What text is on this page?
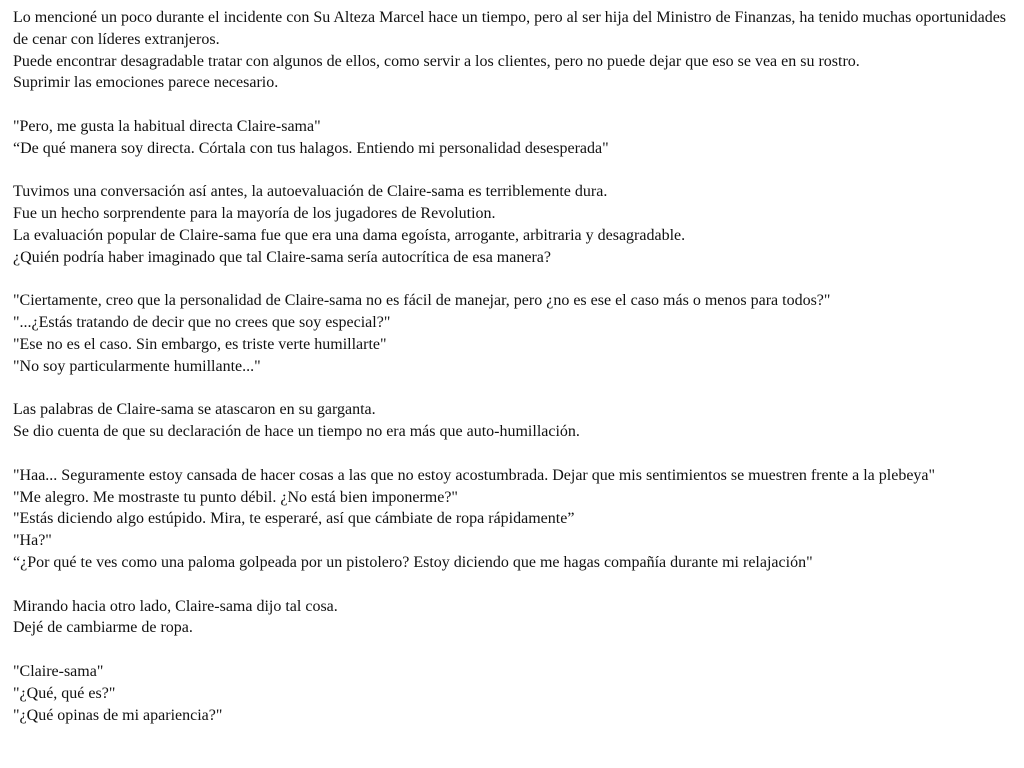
Lo mencioné un poco durante el incidente con Su Alteza Marcel hace un tiempo, pero al ser hija del Ministro de Finanzas, ha tenido muchas oportunidades de cenar con líderes extranjeros.
Puede encontrar desagradable tratar con algunos de ellos, como servir a los clientes, pero no puede dejar que eso se vea en su rostro.
Suprimir las emociones parece necesario.

"Pero, me gusta la habitual directa Claire-sama"
“De qué manera soy directa. Córtala con tus halagos. Entiendo mi personalidad desesperada"

Tuvimos una conversación así antes, la autoevaluación de Claire-sama es terriblemente dura.
Fue un hecho sorprendente para la mayoría de los jugadores de Revolution.
La evaluación popular de Claire-sama fue que era una dama egoísta, arrogante, arbitraria y desagradable.
¿Quién podría haber imaginado que tal Claire-sama sería autocrítica de esa manera?

"Ciertamente, creo que la personalidad de Claire-sama no es fácil de manejar, pero ¿no es ese el caso más o menos para todos?"
"...¿Estás tratando de decir que no crees que soy especial?"
"Ese no es el caso. Sin embargo, es triste verte humillarte"
"No soy particularmente humillante..."

Las palabras de Claire-sama se atascaron en su garganta.
Se dio cuenta de que su declaración de hace un tiempo no era más que auto-humillación.

"Haa... Seguramente estoy cansada de hacer cosas a las que no estoy acostumbrada. Dejar que mis sentimientos se muestren frente a la plebeya"
"Me alegro. Me mostraste tu punto débil. ¿No está bien imponerme?"
"Estás diciendo algo estúpido. Mira, te esperaré, así que cámbiate de ropa rápidamente”
"Ha?"
“¿Por qué te ves como una paloma golpeada por un pistolero? Estoy diciendo que me hagas compañía durante mi relajación"

Mirando hacia otro lado, Claire-sama dijo tal cosa.
Dejé de cambiarme de ropa.

"Claire-sama"
"¿Qué, qué es?"
"¿Qué opinas de mi apariencia?"
